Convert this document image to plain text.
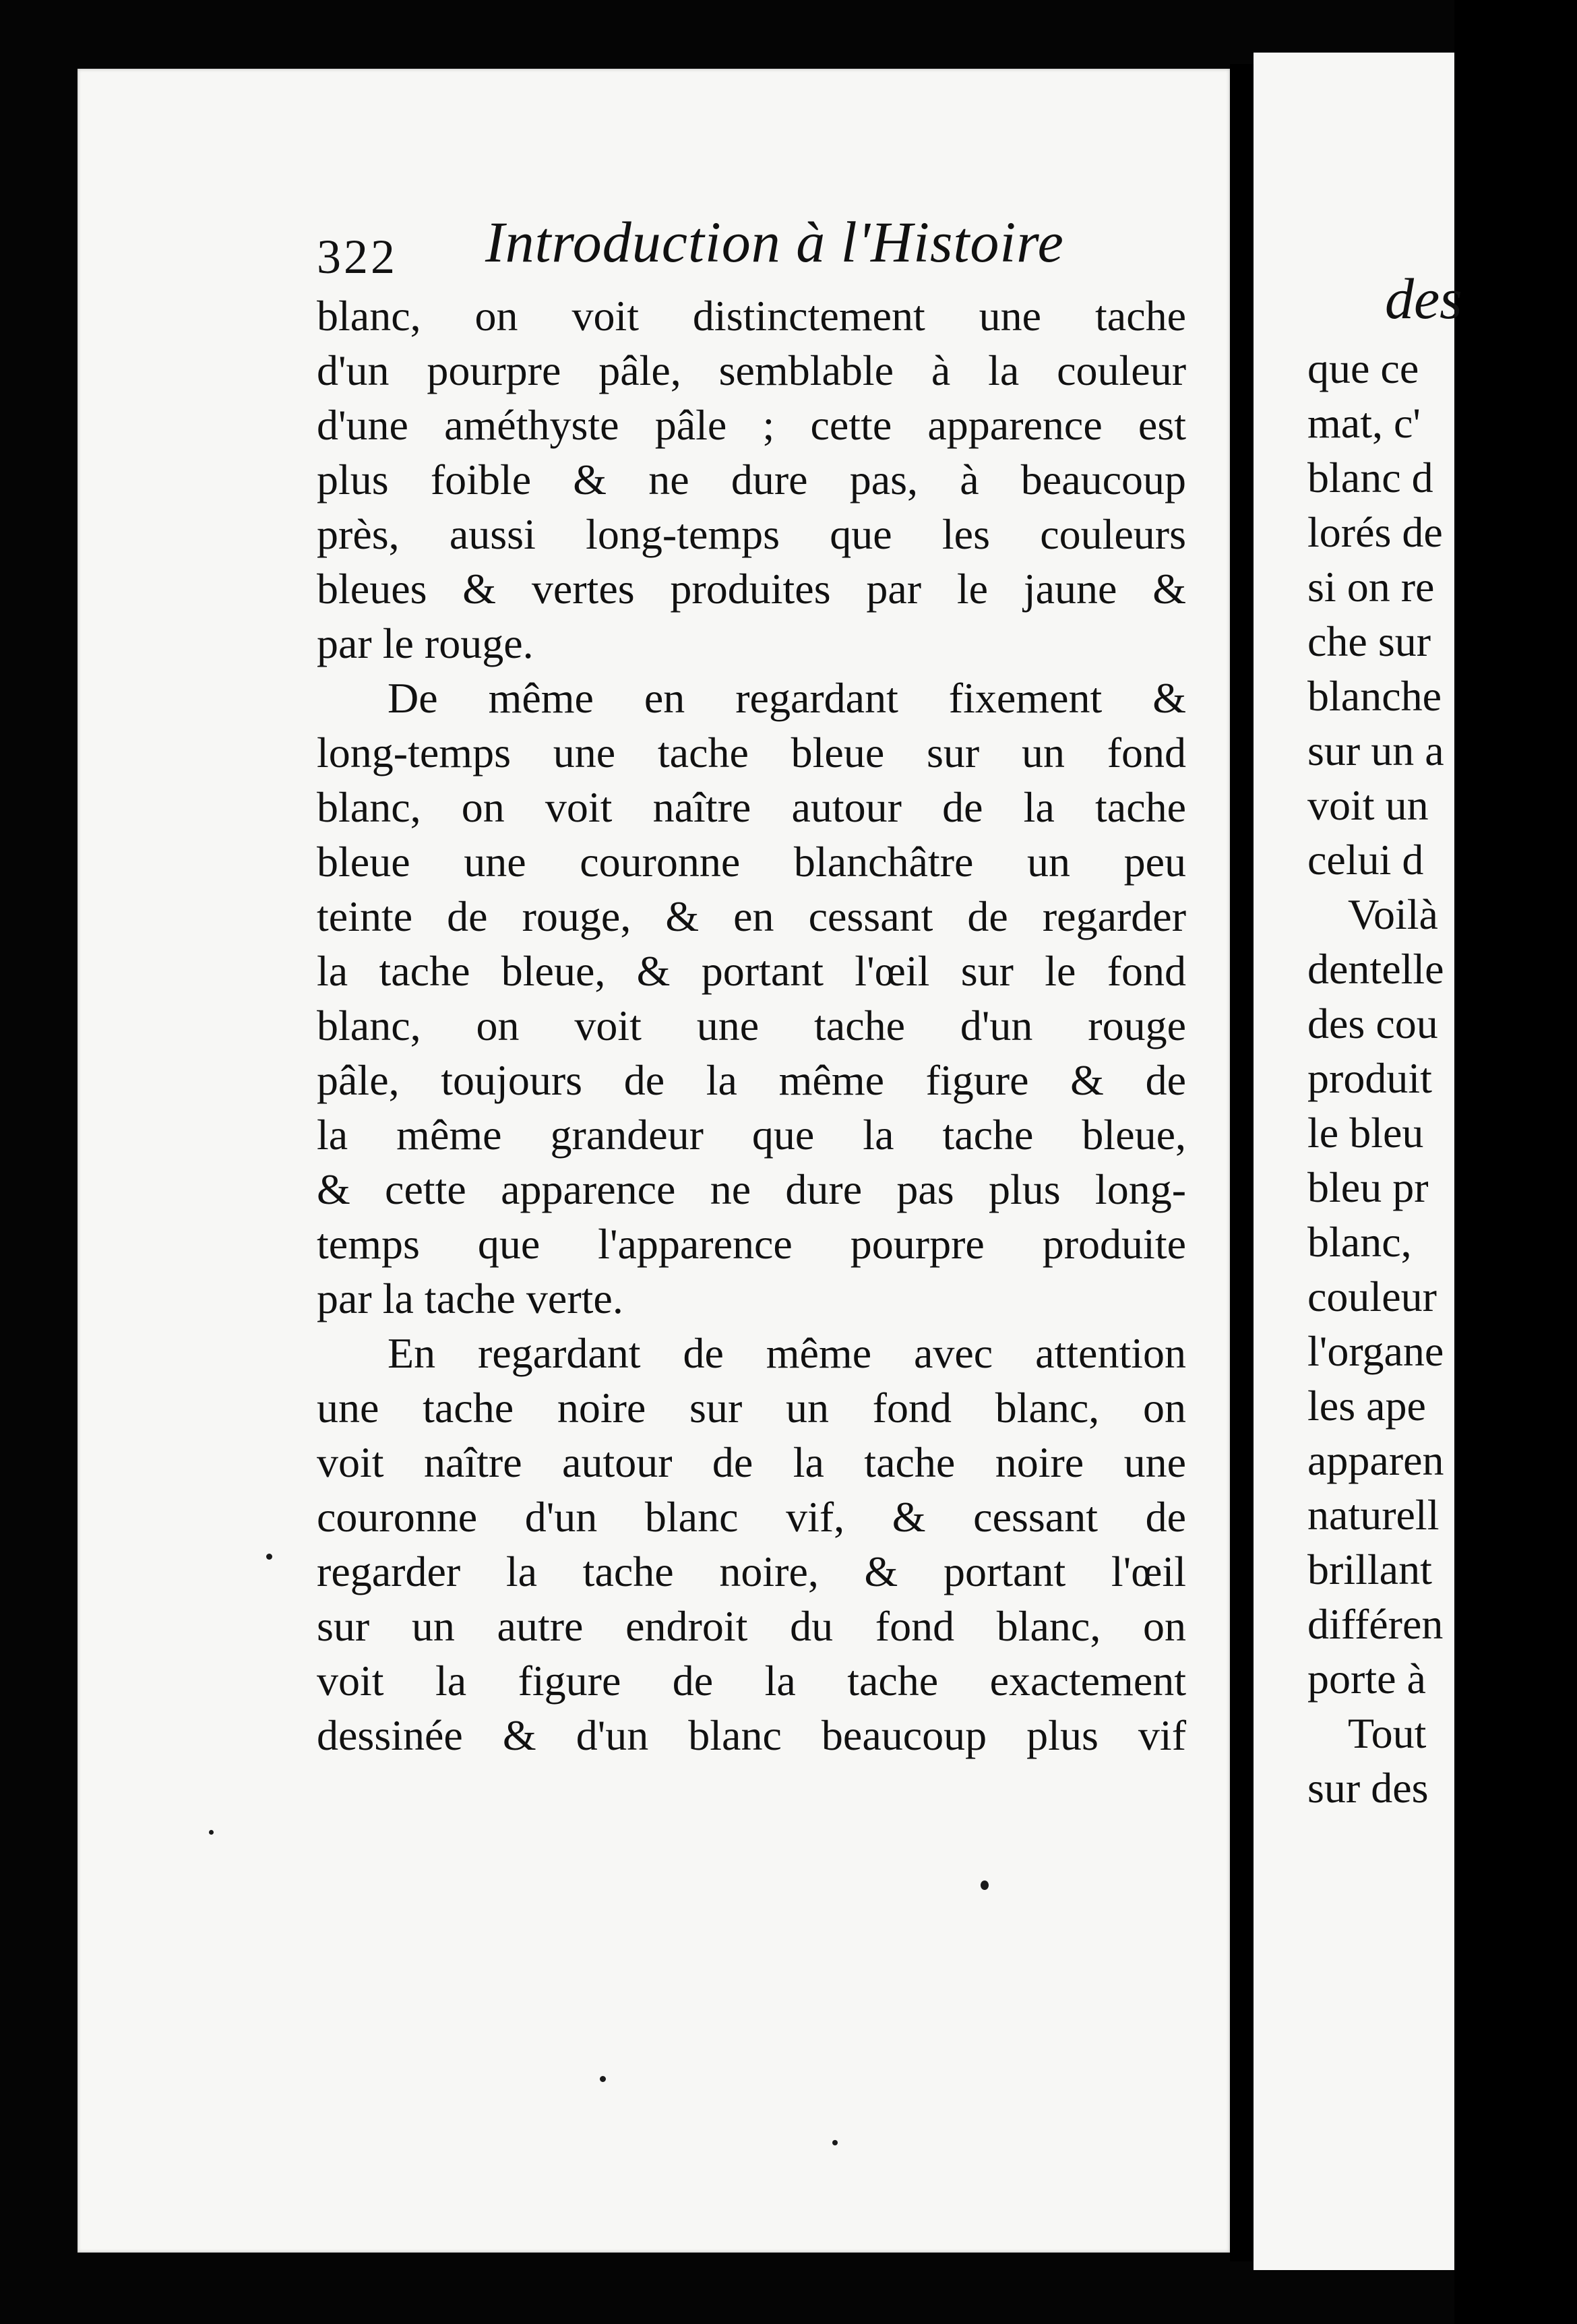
des
que ce
mat, c'
blanc d
lorés de
si on re
che sur
blanche
sur un a
voit un
celui d
Voilà
dentelle
des cou
produit
le bleu
bleu pr
blanc,
couleur
l'organe
les ape
apparen
naturell
brillant
différen
porte à
Tout
sur des
322 Introduction à l'Histoire
blanc, on voit distinctement une tache
d'un pourpre pâle, semblable à la couleur
d'une améthyste pâle ; cette apparence est
plus foible & ne dure pas, à beaucoup
près, aussi long-temps que les couleurs
bleues & vertes produites par le jaune &
par le rouge.
De même en regardant fixement &
long-temps une tache bleue sur un fond
blanc, on voit naître autour de la tache
bleue une couronne blanchâtre un peu
teinte de rouge, & en cessant de regarder
la tache bleue, & portant l'œil sur le fond
blanc, on voit une tache d'un rouge
pâle, toujours de la même figure & de
la même grandeur que la tache bleue,
& cette apparence ne dure pas plus long-
temps que l'apparence pourpre produite
par la tache verte.
En regardant de même avec attention
une tache noire sur un fond blanc, on
voit naître autour de la tache noire une
couronne d'un blanc vif, & cessant de
regarder la tache noire, & portant l'œil
sur un autre endroit du fond blanc, on
voit la figure de la tache exactement
dessinée & d'un blanc beaucoup plus vif
